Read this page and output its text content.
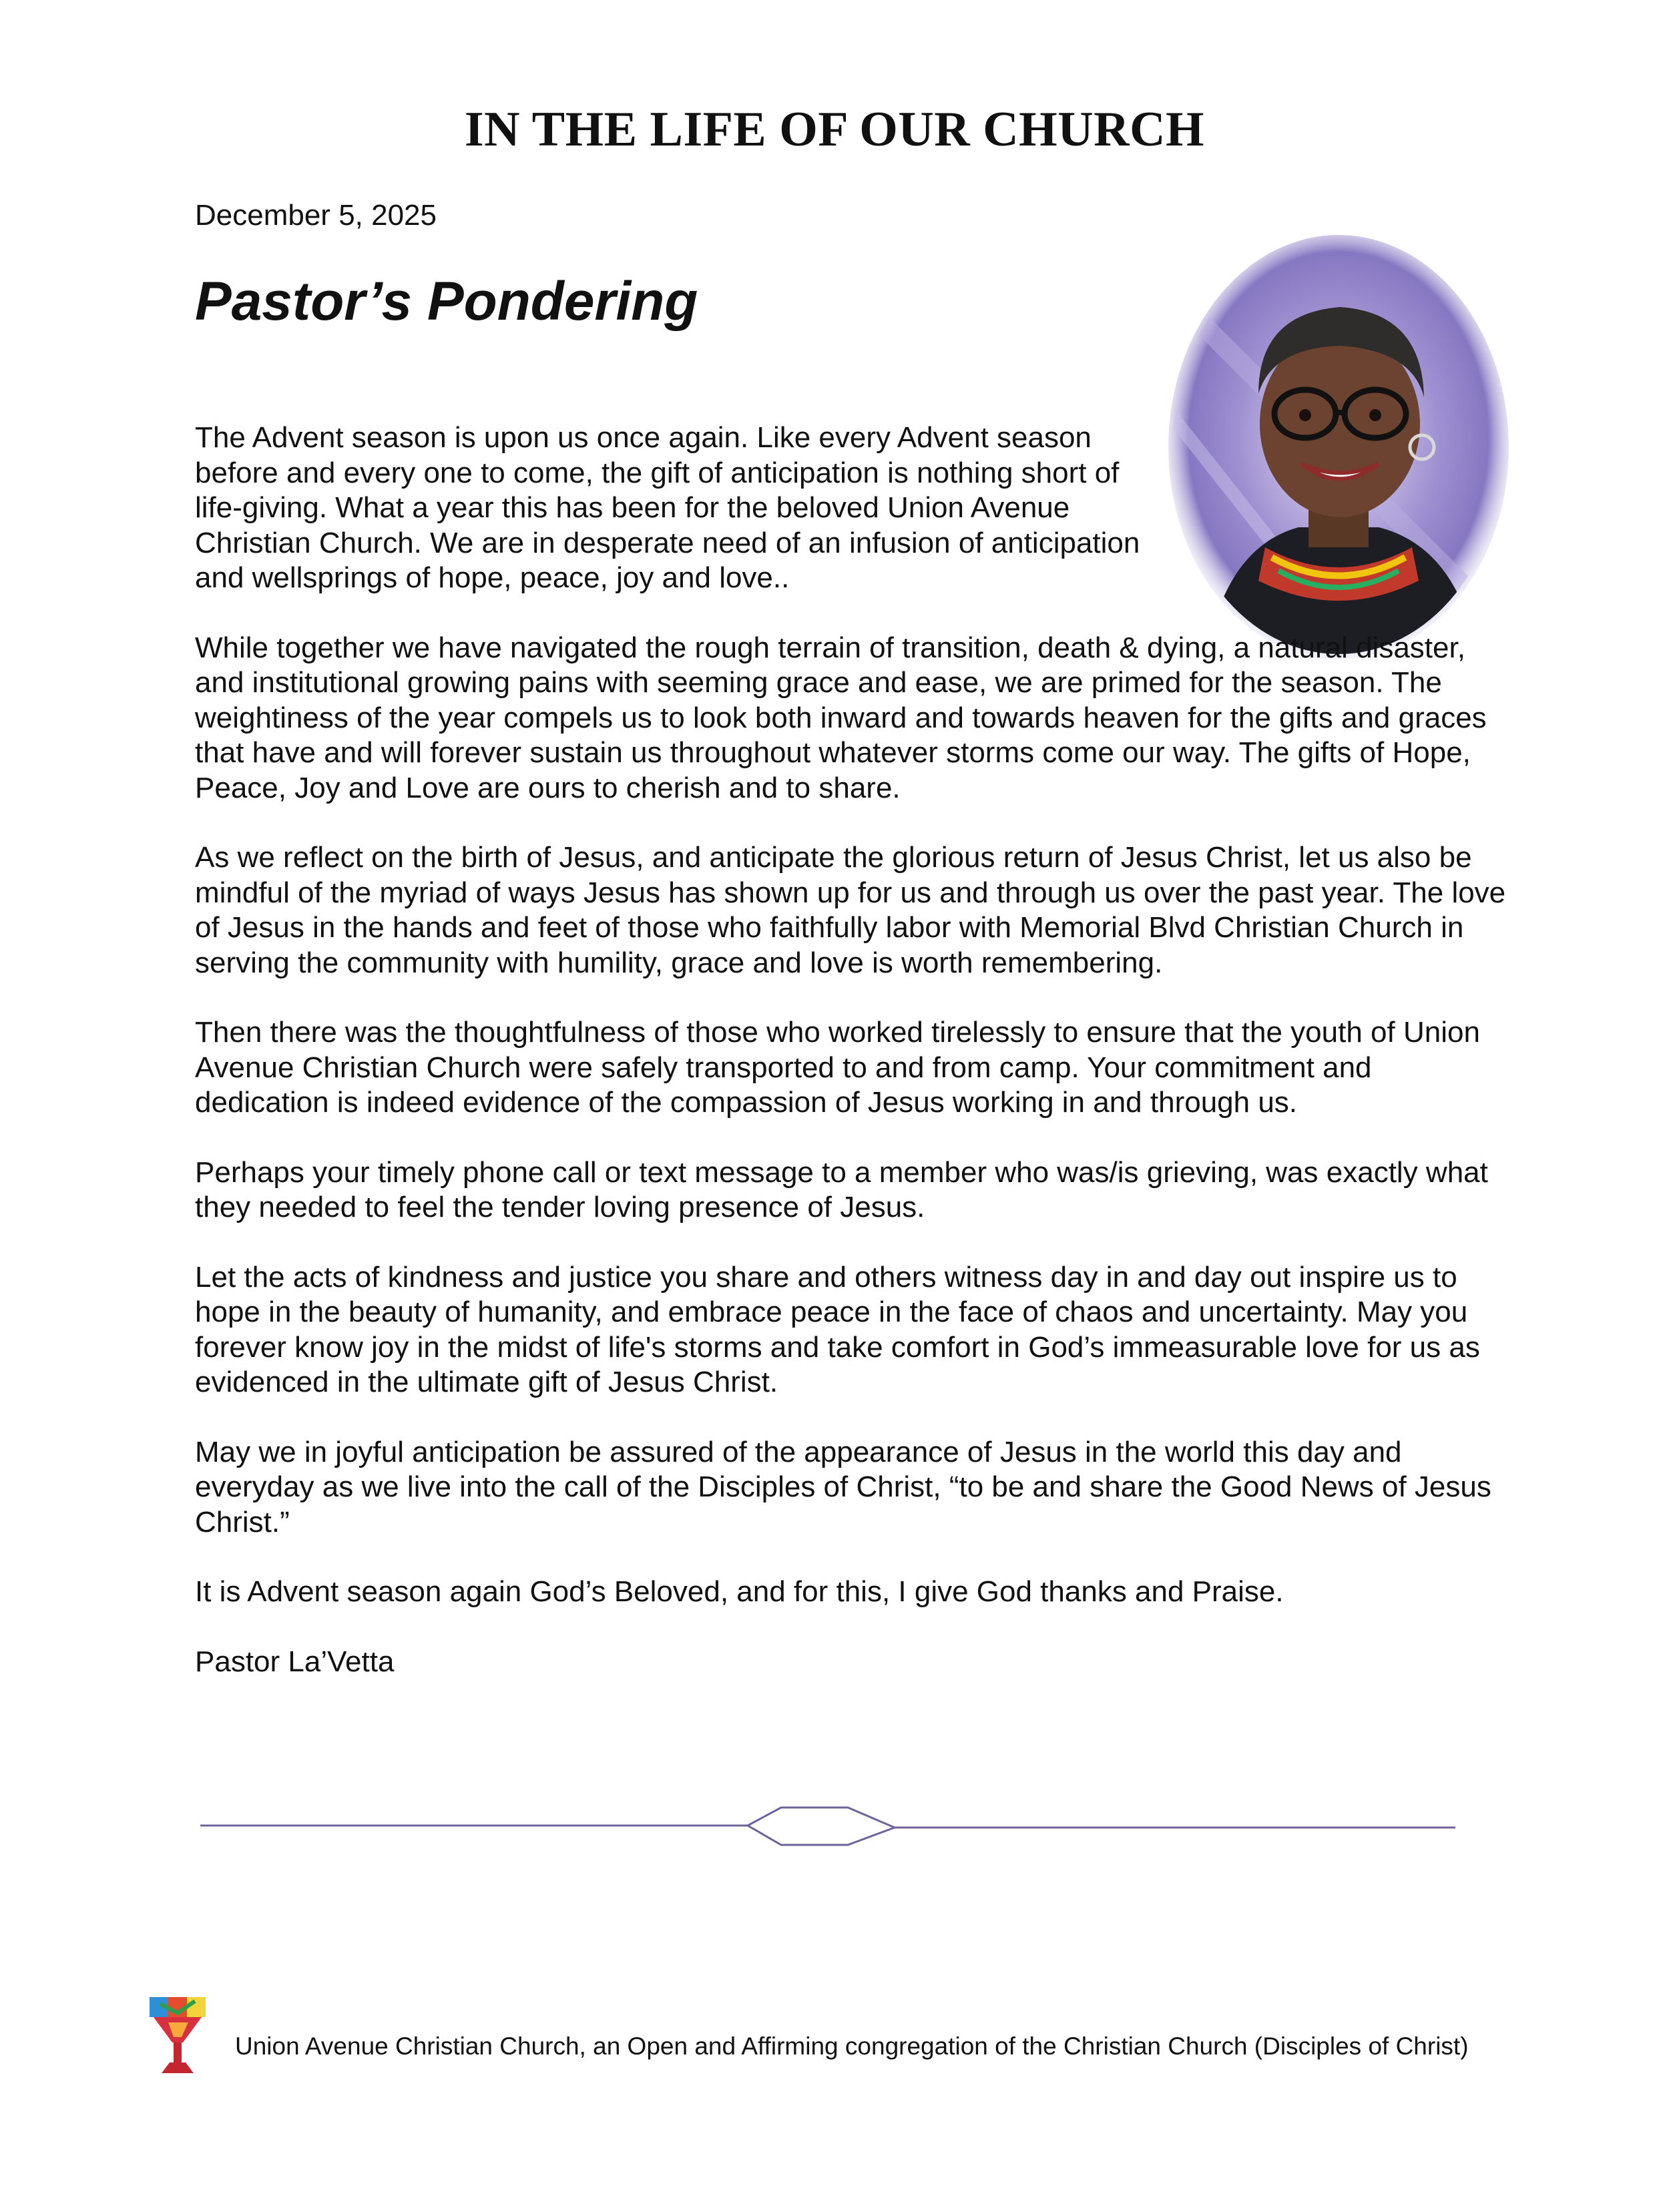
IN THE LIFE OF OUR CHURCH

December 5, 2025

Pastor’s Pondering

The Advent season is upon us once again. Like every Advent season before and every one to come, the gift of anticipation is nothing short of life-giving. What a year this has been for the beloved Union Avenue Christian Church. We are in desperate need of an infusion of anticipation and wellsprings of hope, peace, joy and love..

While together we have navigated the rough terrain of transition, death & dying, a natural disaster, and institutional growing pains with seeming grace and ease, we are primed for the season. The weightiness of the year compels us to look both inward and towards heaven for the gifts and graces that have and will forever sustain us throughout whatever storms come our way. The gifts of Hope, Peace, Joy and Love are ours to cherish and to share.

As we reflect on the birth of Jesus, and anticipate the glorious return of Jesus Christ, let us also be mindful of the myriad of ways Jesus has shown up for us and through us over the past year. The love of Jesus in the hands and feet of those who faithfully labor with Memorial Blvd Christian Church in serving the community with humility, grace and love is worth remembering.

Then there was the thoughtfulness of those who worked tirelessly to ensure that the youth of Union Avenue Christian Church were safely transported to and from camp. Your commitment and dedication is indeed evidence of the compassion of Jesus working in and through us.

Perhaps your timely phone call or text message to a member who was/is grieving, was exactly what they needed to feel the tender loving presence of Jesus.

Let the acts of kindness and justice you share and others witness day in and day out inspire us to hope in the beauty of humanity, and embrace peace in the face of chaos and uncertainty. May you forever know joy in the midst of life's storms and take comfort in God’s immeasurable love for us as evidenced in the ultimate gift of Jesus Christ.

May we in joyful anticipation be assured of the appearance of Jesus in the world this day and everyday as we live into the call of the Disciples of Christ, “to be and share the Good News of Jesus Christ.”

It is Advent season again God’s Beloved, and for this, I give God thanks and Praise.

Pastor La’Vetta

Union Avenue Christian Church, an Open and Affirming congregation of the Christian Church (Disciples of Christ)
